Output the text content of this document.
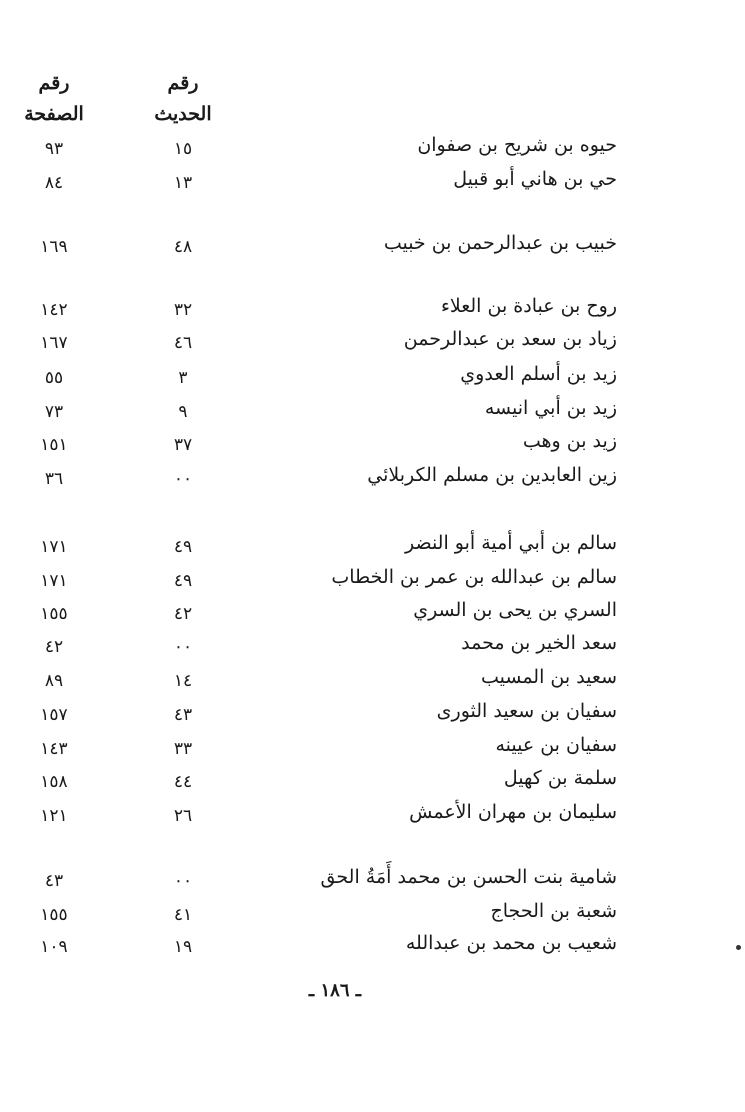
رقم
الصفحة
رقم
الحديث
حيوه بن شريح بن صفوان
١٥
٩٣
حي بن هاني أبو قبيل
١٣
٨٤
خبيب بن عبدالرحمن بن خبيب
٤٨
١٦٩
روح بن عبادة بن العلاء
٣٢
١٤٢
زياد بن سعد بن عبدالرحمن
٤٦
١٦٧
زيد بن أسلم العدوي
٣
٥٥
زيد بن أبي انيسه
٩
٧٣
زيد بن وهب
٣٧
١٥١
زين العابدين بن مسلم الكربلائي
٠٠
٣٦
سالم بن أبي أمية أبو النضر
٤٩
١٧١
سالم بن عبدالله بن عمر بن الخطاب
٤٩
١٧١
السري بن يحى بن السري
٤٢
١٥٥
سعد الخير بن محمد
٠٠
٤٢
سعيد بن المسيب
١٤
٨٩
سفيان بن سعيد الثورى
٤٣
١٥٧
سفيان بن عيينه
٣٣
١٤٣
سلمة بن كهيل
٤٤
١٥٨
سليمان بن مهران الأعمش
٢٦
١٢١
شامية بنت الحسن بن محمد أَمَةُ الحق
٠٠
٤٣
شعبة بن الحجاج
٤١
١٥٥
شعيب بن محمد بن عبدالله
١٩
١٠٩
ـ ١٨٦ ـ
